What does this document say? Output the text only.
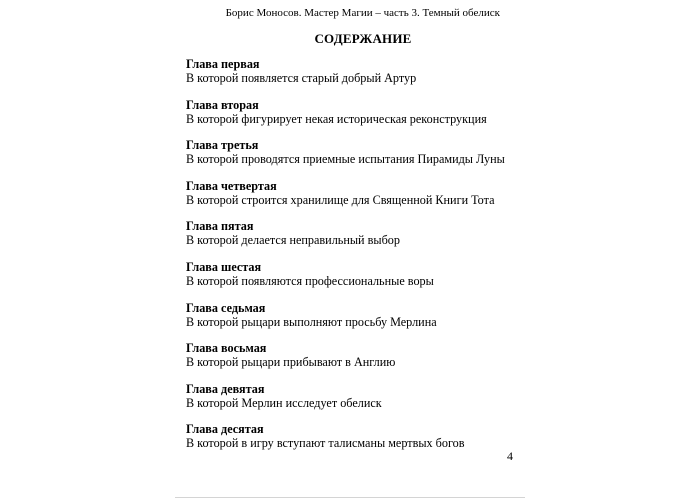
Борис Моносов. Мастер Магии – часть 3. Темный обелиск
СОДЕРЖАНИЕ
Глава первая
В которой появляется старый добрый Артур
Глава вторая
В которой фигурирует некая историческая реконструкция
Глава третья
В которой проводятся приемные испытания Пирамиды Луны
Глава четвертая
В которой строится хранилище для Священной Книги Тота
Глава пятая
В которой делается неправильный выбор
Глава шестая
В которой появляются профессиональные воры
Глава седьмая
В которой рыцари выполняют просьбу Мерлина
Глава восьмая
В которой рыцари прибывают в Англию
Глава девятая
В которой Мерлин исследует обелиск
Глава десятая
В которой в игру вступают талисманы мертвых богов
4
